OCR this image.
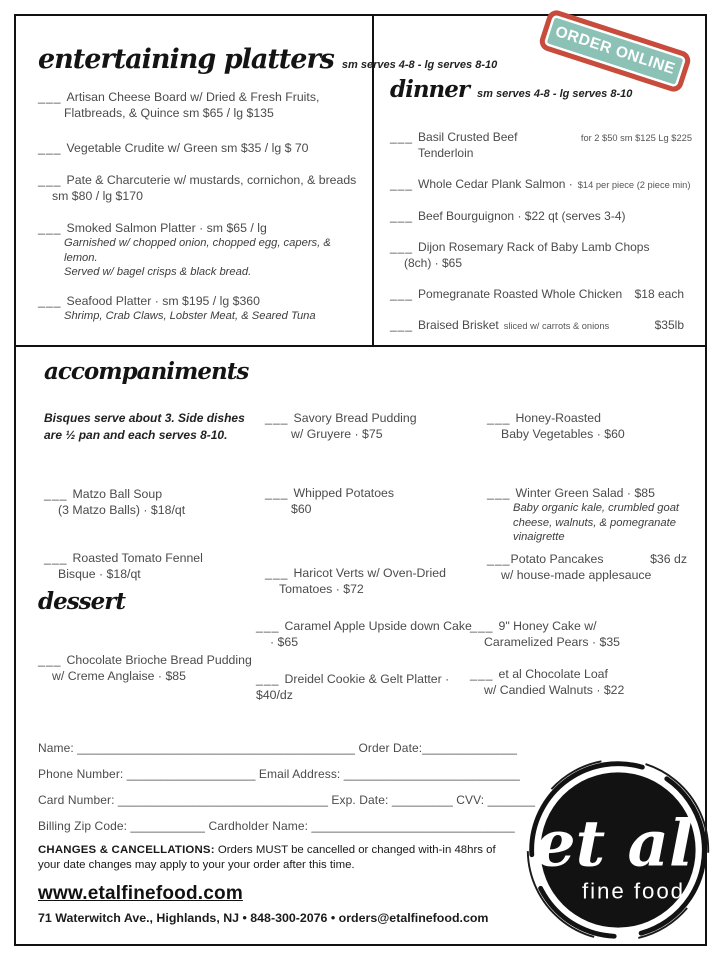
ORDER ONLINE
entertaining platters sm serves 4-8 - lg serves 8-10
___ Artisan Cheese Board w/ Dried & Fresh Fruits,
Flatbreads, & Quince sm $65 / lg $135
___ Vegetable Crudite w/ Green sm $35 / lg $ 70
___ Pate & Charcuterie w/ mustards, cornichon, & breads
sm $80 / lg $170
___ Smoked Salmon Platter · sm $65 / lg
Garnished w/ chopped onion, chopped egg, capers, & lemon.
Served w/ bagel crisps & black bread.
___ Seafood Platter · sm $195 / lg $360
Shrimp, Crab Claws, Lobster Meat, & Seared Tuna
dinner sm serves 4-8 - lg serves 8-10
___ Basil Crusted Beef Tenderloin
for 2 $50 sm $125 Lg $225
___ Whole Cedar Plank Salmon · $14 per piece (2 piece min)
___ Beef Bourguignon · $22 qt (serves 3-4)
___ Dijon Rosemary Rack of Baby Lamb Chops
(8ch) · $65
___ Pomegranate Roasted Whole Chicken $18 each
___ Braised Brisket sliced w/ carrots & onions	$35lb
accompaniments
Bisques serve about 3. Side dishes
are ½ pan and each serves 8-10.
___ Matzo Ball Soup
(3 Matzo Balls) · $18/qt
___ Roasted Tomato Fennel
Bisque · $18/qt
___ Savory Bread Pudding
w/ Gruyere · $75
___ Whipped Potatoes
$60
___ Haricot Verts w/ Oven-Dried
Tomatoes · $72
___ Honey-Roasted
Baby Vegetables · $60
___ Winter Green Salad · $85
Baby organic kale, crumbled goat
cheese, walnuts, & pomegranate
vinaigrette
___ Potato Pancakes	$36 dz
w/ house-made applesauce
dessert
___ Chocolate Brioche Bread Pudding
w/ Creme Anglaise · $85
___ Caramel Apple Upside down Cake
· $65
___ Dreidel Cookie & Gelt Platter ·
$40/dz
___ 9" Honey Cake w/
Caramelized Pears · $35
___ et al Chocolate Loaf
w/ Candied Walnuts · $22
Name: _________________________________________ Order Date:______________
Phone Number: ___________________ Email Address: __________________________
Card Number: _______________________________ Exp. Date: _________ CVV: _______
Billing Zip Code: ___________ Cardholder Name: ______________________________
CHANGES & CANCELLATIONS: Orders MUST be cancelled or changed with-in 48hrs of your date changes may apply to your your order after this time.
www.etalfinefood.com
71 Waterwitch Ave., Highlands, NJ • 848-300-2076 • orders@etalfinefood.com
et al
fine food
